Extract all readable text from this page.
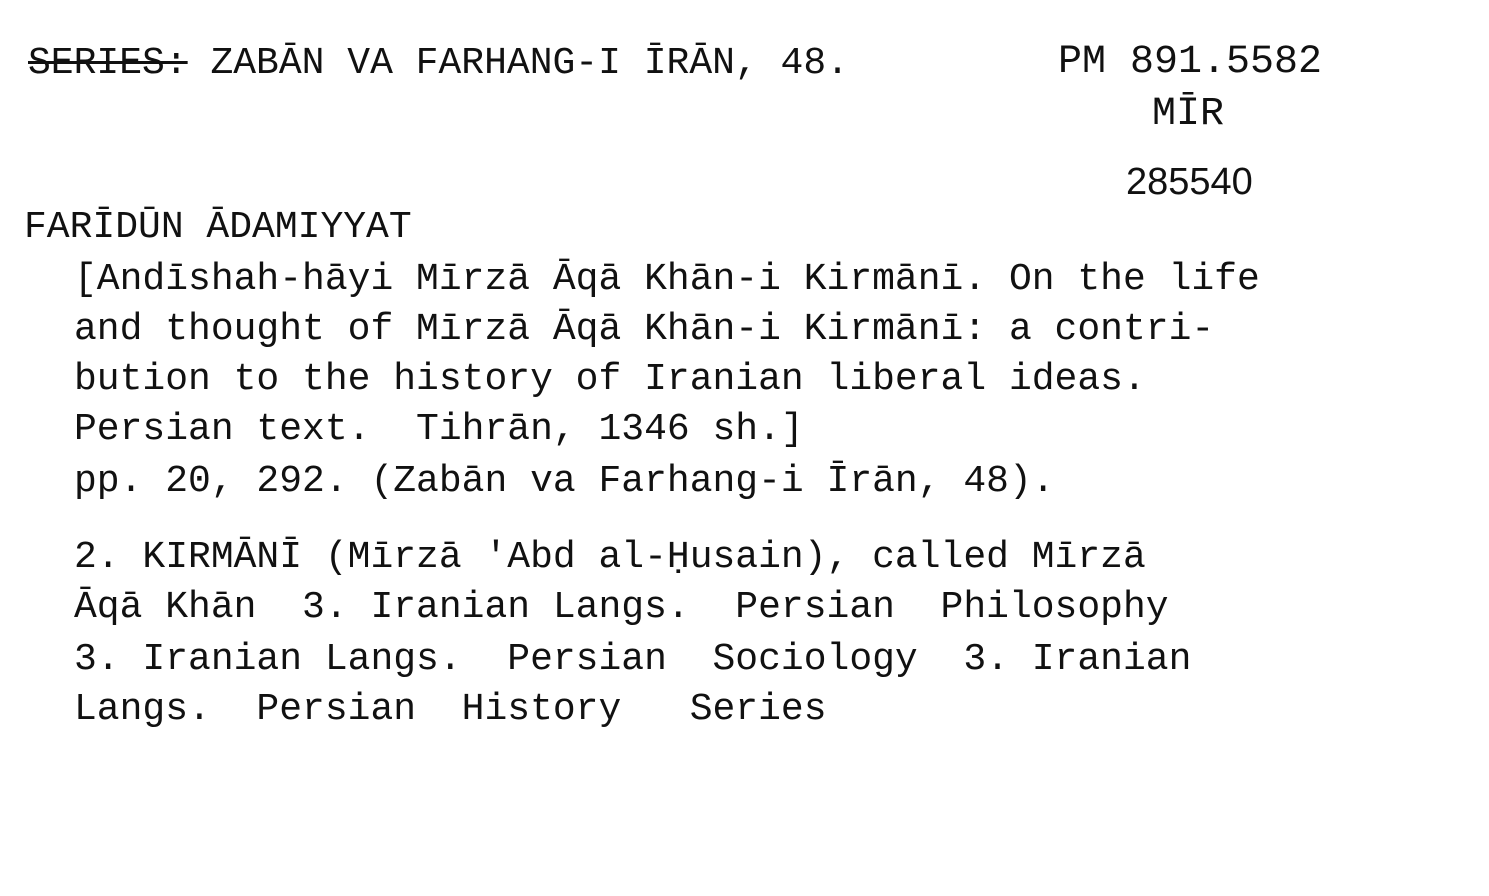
SERIES: ZABĀN VA FARHANG-I ĪRĀN, 48.	PM 891.5582
MĪR
285540
FARĪDŪN ĀDAMIYYAT
[Andīshah-hāyi Mīrzā Āqā Khān-i Kirmānī. On the life
and thought of Mīrzā Āqā Khān-i Kirmānī: a contri-
bution to the history of Iranian liberal ideas.
Persian text.  Tihrān, 1346 sh.]
pp. 20, 292. (Zabān va Farhang-i Īrān, 48).
2. KIRMĀNĪ (Mīrzā 'Abd al-Ḥusain), called Mīrzā
Āqā Khān  3. Iranian Langs.  Persian  Philosophy
3. Iranian Langs.  Persian  Sociology  3. Iranian
Langs.  Persian  History   Series
